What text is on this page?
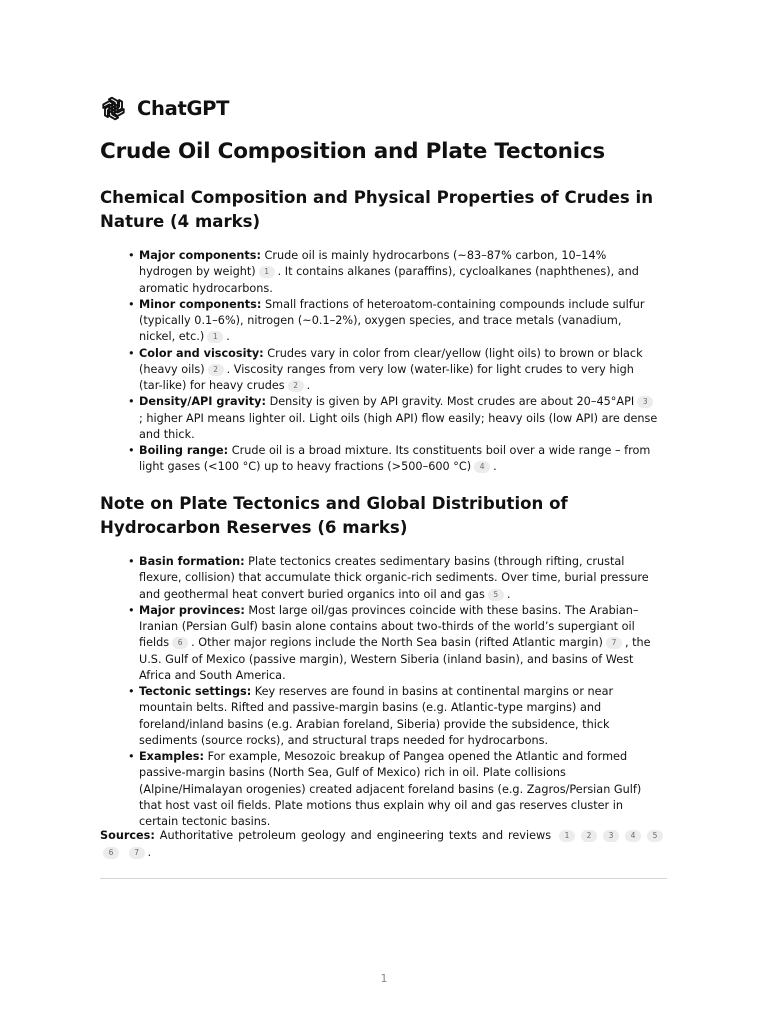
ChatGPT
Crude Oil Composition and Plate Tectonics
Chemical Composition and Physical Properties of Crudes in Nature (4 marks)
• Major components: Crude oil is mainly hydrocarbons (~83–87% carbon, 10–14% hydrogen by weight) 1 . It contains alkanes (paraffins), cycloalkanes (naphthenes), and aromatic hydrocarbons.
• Minor components: Small fractions of heteroatom-containing compounds include sulfur (typically 0.1–6%), nitrogen (~0.1–2%), oxygen species, and trace metals (vanadium, nickel, etc.) 1 .
• Color and viscosity: Crudes vary in color from clear/yellow (light oils) to brown or black (heavy oils) 2 . Viscosity ranges from very low (water-like) for light crudes to very high (tar-like) for heavy crudes 2 .
• Density/API gravity: Density is given by API gravity. Most crudes are about 20–45°API 3; higher API means lighter oil. Light oils (high API) flow easily; heavy oils (low API) are dense and thick.
• Boiling range: Crude oil is a broad mixture. Its constituents boil over a wide range – from light gases (<100 °C) up to heavy fractions (>500–600 °C) 4 .
Note on Plate Tectonics and Global Distribution of Hydrocarbon Reserves (6 marks)
• Basin formation: Plate tectonics creates sedimentary basins (through rifting, crustal flexure, collision) that accumulate thick organic-rich sediments. Over time, burial pressure and geothermal heat convert buried organics into oil and gas 5 .
• Major provinces: Most large oil/gas provinces coincide with these basins. The Arabian–Iranian (Persian Gulf) basin alone contains about two-thirds of the world’s supergiant oil fields 6 . Other major regions include the North Sea basin (rifted Atlantic margin) 7 , the U.S. Gulf of Mexico (passive margin), Western Siberia (inland basin), and basins of West Africa and South America.
• Tectonic settings: Key reserves are found in basins at continental margins or near mountain belts. Rifted and passive-margin basins (e.g. Atlantic-type margins) and foreland/inland basins (e.g. Arabian foreland, Siberia) provide the subsidence, thick sediments (source rocks), and structural traps needed for hydrocarbons.
• Examples: For example, Mesozoic breakup of Pangea opened the Atlantic and formed passive-margin basins (North Sea, Gulf of Mexico) rich in oil. Plate collisions (Alpine/Himalayan orogenies) created adjacent foreland basins (e.g. Zagros/Persian Gulf) that host vast oil fields. Plate motions thus explain why oil and gas reserves cluster in certain tectonic basins.
Sources: Authoritative petroleum geology and engineering texts and reviews 1 2 3 4 56	7 .
1
